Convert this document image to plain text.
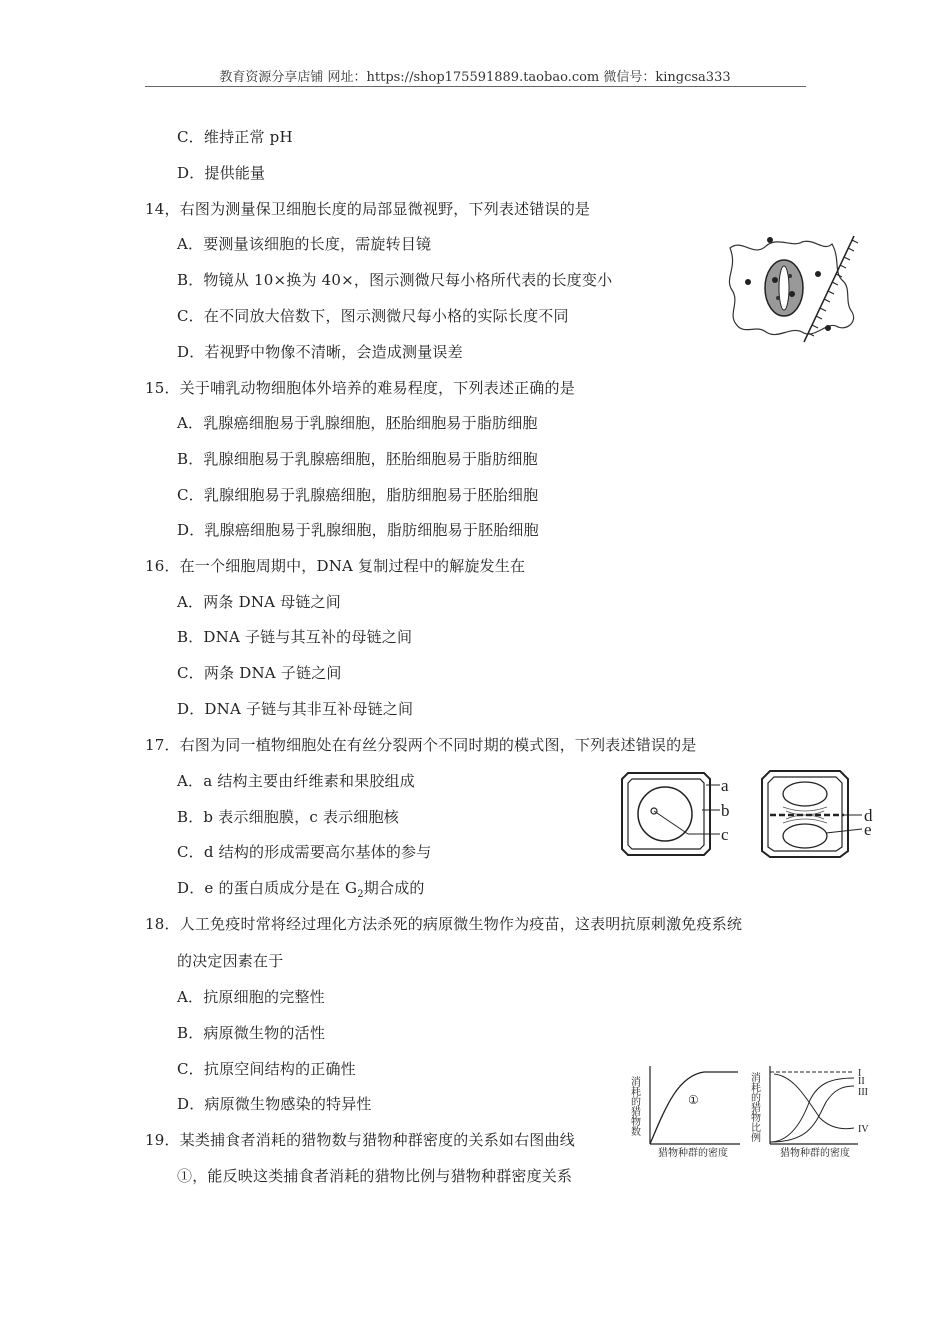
教育资源分享店铺 网址：https://shop175591889.taobao.com 微信号：kingcsa333
C．维持正常 pH
D．提供能量
14，右图为测量保卫细胞长度的局部显微视野，下列表述错误的是
A．要测量该细胞的长度，需旋转目镜
B．物镜从 10×换为 40×，图示测微尺每小格所代表的长度变小
C．在不同放大倍数下，图示测微尺每小格的实际长度不同
D．若视野中物像不清晰，会造成测量误差
15．关于哺乳动物细胞体外培养的难易程度，下列表述正确的是
A．乳腺癌细胞易于乳腺细胞，胚胎细胞易于脂肪细胞
B．乳腺细胞易于乳腺癌细胞，胚胎细胞易于脂肪细胞
C．乳腺细胞易于乳腺癌细胞，脂肪细胞易于胚胎细胞
D．乳腺癌细胞易于乳腺细胞，脂肪细胞易于胚胎细胞
16．在一个细胞周期中，DNA 复制过程中的解旋发生在
A．两条 DNA 母链之间
B．DNA 子链与其互补的母链之间
C．两条 DNA 子链之间
D．DNA 子链与其非互补母链之间
17．右图为同一植物细胞处在有丝分裂两个不同时期的模式图，下列表述错误的是
A．a 结构主要由纤维素和果胶组成
B．b 表示细胞膜，c 表示细胞核
C．d 结构的形成需要高尔基体的参与
D．e 的蛋白质成分是在 $G_2$期合成的
a
b
c
d
e
18．人工免疫时常将经过理化方法杀死的病原微生物作为疫苗，这表明抗原刺激免疫系统
的决定因素在于
A．抗原细胞的完整性
B．病原微生物的活性
C．抗原空间结构的正确性
D．病原微生物感染的特异性
19．某类捕食者消耗的猎物数与猎物种群密度的关系如右图曲线
①，能反映这类捕食者消耗的猎物比例与猎物种群密度关系
消耗的猎物数	①
猎物种群的密度
消耗的猎物比例	I
II
III
IV
猎物种群的密度
